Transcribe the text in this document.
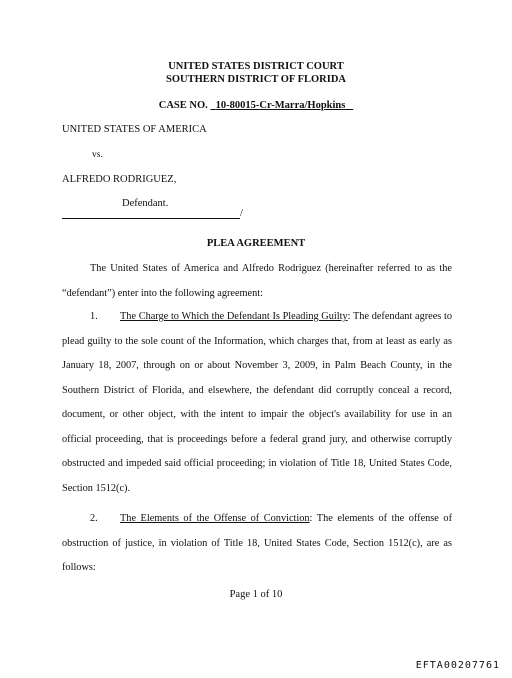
UNITED STATES DISTRICT COURT
SOUTHERN DISTRICT OF FLORIDA
CASE NO. 10-80015-Cr-Marra/Hopkins
UNITED STATES OF AMERICA
vs.
ALFREDO RODRIGUEZ,
Defendant.
/
PLEA AGREEMENT
The United States of America and Alfredo Rodriguez (hereinafter referred to as the “defendant”) enter into the following agreement:
1. The Charge to Which the Defendant Is Pleading Guilty: The defendant agrees to plead guilty to the sole count of the Information, which charges that, from at least as early as January 18, 2007, through on or about November 3, 2009, in Palm Beach County, in the Southern District of Florida, and elsewhere, the defendant did corruptly conceal a record, document, or other object, with the intent to impair the object's availability for use in an official proceeding, that is proceedings before a federal grand jury, and otherwise corruptly obstructed and impeded said official proceeding; in violation of Title 18, United States Code, Section 1512(c).
2. The Elements of the Offense of Conviction: The elements of the offense of obstruction of justice, in violation of Title 18, United States Code, Section 1512(c), are as follows:
Page 1 of 10
EFTA00207761
